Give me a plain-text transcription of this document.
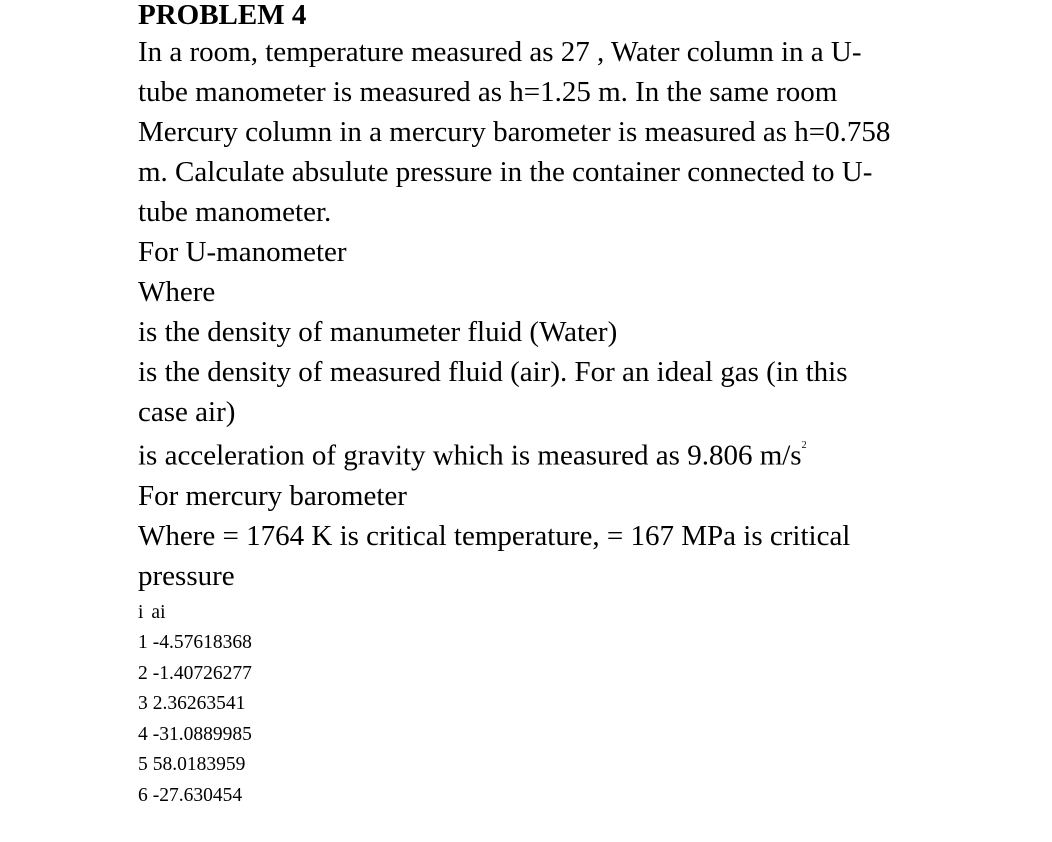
PROBLEM 4
In a room, temperature measured as 27 , Water column in a U-
tube manometer is measured as h=1.25 m. In the same room
Mercury column in a mercury barometer is measured as h=0.758
m. Calculate absulute pressure in the container connected to U-
tube manometer.
For U-manometer
Where
is the density of manumeter fluid (Water)
is the density of measured fluid (air). For an ideal gas (in this
case air)
is acceleration of gravity which is measured as 9.806 $m/s^2$
For mercury barometer
Where = 1764 K is critical temperature, = 167 MPa is critical
pressure
i ai
1 -4.57618368
2 -1.40726277
3 2.36263541
4 -31.0889985
5 58.0183959
6 -27.630454
